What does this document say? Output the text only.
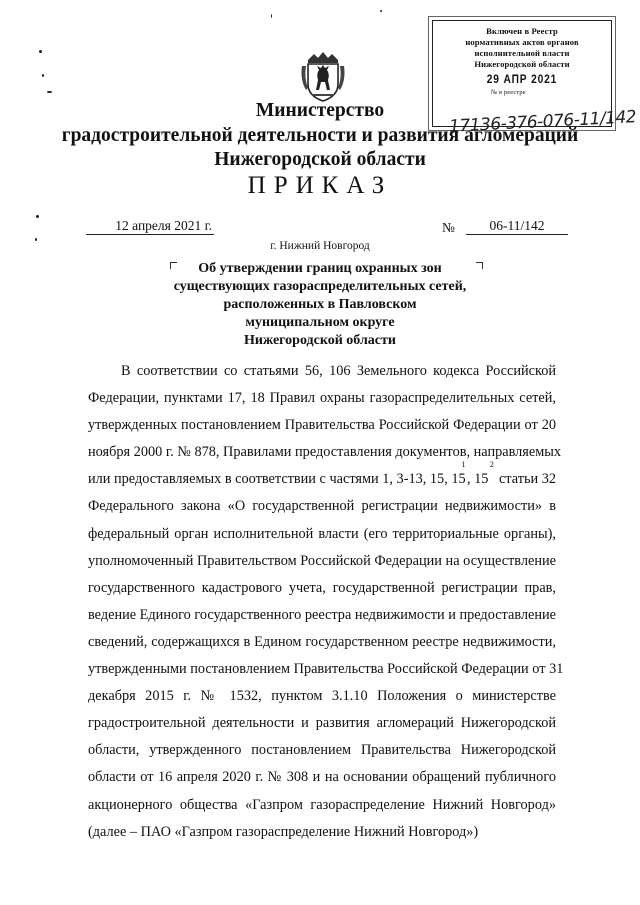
Включен в Реестр
нормативных актов органов
исполнительной власти
Нижегородской области
29 АПР 2021
№ в реестре
17136-376-076-11/142
Министерство
градостроительной деятельности и развития агломераций
Нижегородской области
ПРИКАЗ
12 апреля 2021 г.	№	06-11/142
г. Нижний Новгород
Об утверждении границ охранных зон
существующих газораспределительных сетей,
расположенных в Павловском
муниципальном округе
Нижегородской области
В соответствии со статьями 56, 106 Земельного кодекса Российской
Федерации, пунктами 17, 18 Правил охраны газораспределительных сетей,
утвержденных постановлением Правительства Российской Федерации от 20
ноября 2000 г. № 878, Правилами предоставления документов, направляемых
или предоставляемых в соответствии с частями 1, 3-13, 15, 15
$^1$
, 15
$^2$
статьи 32
Федерального закона «О государственной регистрации недвижимости» в
федеральный орган исполнительной власти (его территориальные органы),
уполномоченный Правительством Российской Федерации на осуществление
государственного кадастрового учета, государственной регистрации прав,
ведение Единого государственного реестра недвижимости и предоставление
сведений, содержащихся в Едином государственном реестре недвижимости,
утвержденными постановлением Правительства Российской Федерации от 31
декабря 2015 г. № 1532, пунктом 3.1.10 Положения о министерстве
градостроительной деятельности и развития агломераций Нижегородской
области, утвержденного постановлением Правительства Нижегородской
области от 16 апреля 2020 г. № 308 и на основании обращений публичного
акционерного общества «Газпром газораспределение Нижний Новгород»
(далее – ПАО «Газпром газораспределение Нижний Новгород»)
